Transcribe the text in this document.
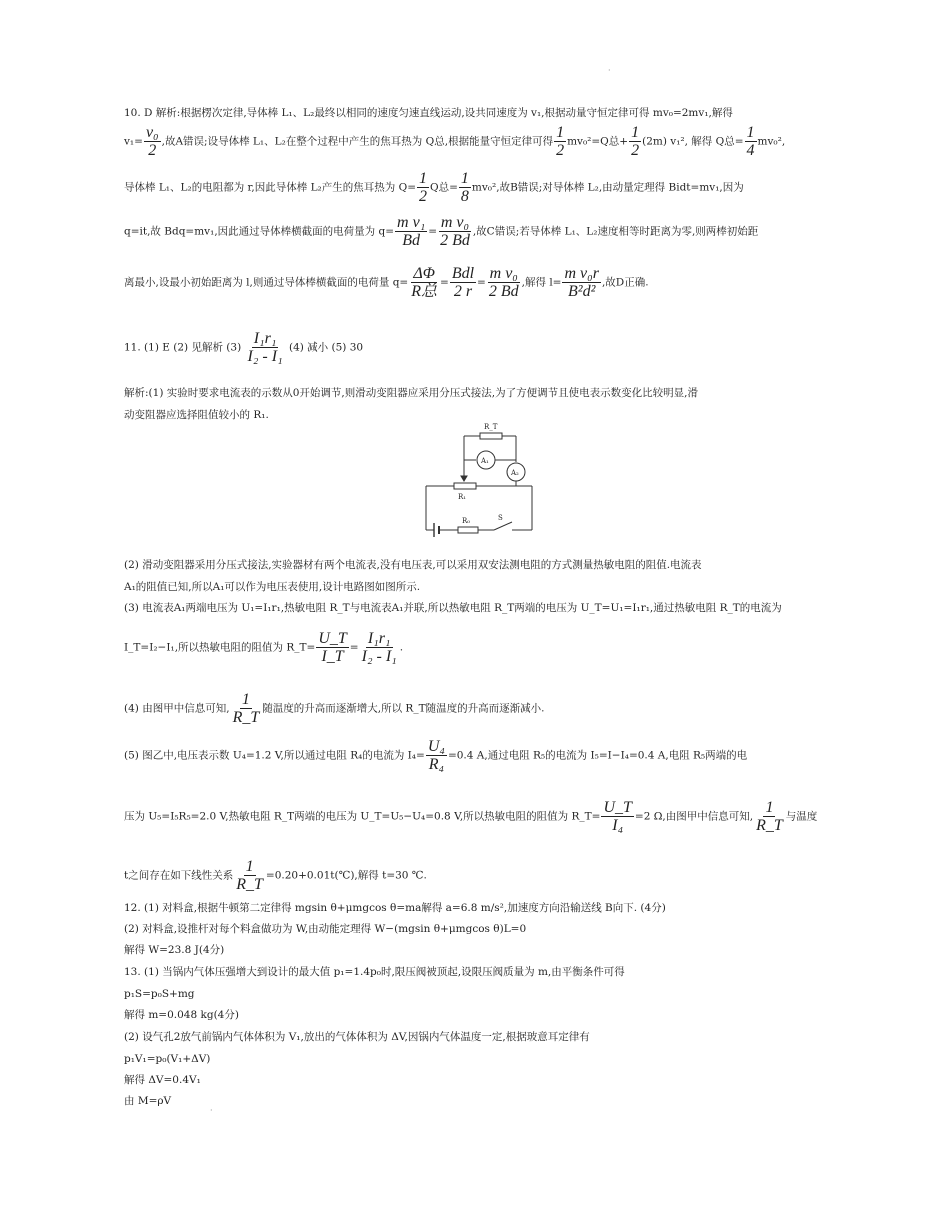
·
10. D 解析:根据楞次定律,导体棒 L₁、L₂最终以相同的速度匀速直线运动,设共同速度为 v₁,根据动量守恒定律可得 mv₀=2mv₁,解得
$v_1= \frac{\text{v₀}}{2}$ ,故A错误;设导体棒 L₁、L₂在整个过程中产生的焦耳热为 Q总,根据能量守恒定律可得 $\frac{1}{2} mv_0^2=Q$总+ $\frac{1}{2} (2m)$ v₁², 解得 Q总= $\frac{1}{4} mv_0^2$,
导体棒 L₁、L₂的电阻都为 r,因此导体棒 L₂产生的焦耳热为 $Q= \frac{1}{2}$ Q总= $\frac{1}{8} mv_0^2$,故B错误;对导体棒 L₂,由动量定理得 Bidt=mv₁,因为
q=it,故 Bdq=mv₁,因此通过导体棒横截面的电荷量为 $q= \frac{\text{m v₁}}{Bd} = \frac{\text{m v₀}}{2 Bd}$ ,故C错误;若导体棒 L₁、L₂速度相等时距离为零,则两棒初始距
离最小,设最小初始距离为 l,则通过导体棒横截面的电荷量 $q= \frac{\Delta\Phi}{\text{R总}} = \frac{\text{Bdl}}{2 r} = \frac{\text{m v₀}}{2 Bd}$ ,解得 $l= \frac{\text{m v₀r}}{\text{B²d²}}$ ,故D正确.
11. (1) E (2) 见解析 $(3) \frac{\text{I₁r₁}}{\text{I₂ - I₁}} (4)$ 减小 (5) 30
解析:(1) 实验时要求电流表的示数从0开始调节,则滑动变阻器应采用分压式接法,为了方便调节且使电表示数变化比较明显,滑
动变阻器应选择阻值较小的 R₁.
R_T
A₁
A₂
R₁
R₀	S
(2) 滑动变阻器采用分压式接法,实验器材有两个电流表,没有电压表,可以采用双安法测电阻的方式测量热敏电阻的阻值.电流表
A₁的阻值已知,所以A₁可以作为电压表使用,设计电路图如图所示.
(3) 电流表A₁两端电压为 U₁=I₁r₁,热敏电阻 R_T与电流表A₁并联,所以热敏电阻 R_T两端的电压为 U_T=U₁=I₁r₁,通过热敏电阻 R_T的电流为
I_T=I₂−I₁,所以热敏电阻的阻值为 R_T= $\frac{U\_T}{I\_T} = \frac{\text{I₁r₁}}{\text{I₂ - I₁}}$ .
(4) 由图甲中信息可知, $\frac{1}{R\_T}$ 随温度的升高而逐渐增大,所以 R_T随温度的升高而逐渐减小.
(5) 图乙中,电压表示数 U₄=1.2 V,所以通过电阻 R₄的电流为 $I_4= \frac{\text{U₄}}{\text{R₄}} =0.4$ A,通过电阻 R₅的电流为 I₅=I−I₄=0.4 A,电阻 R₅两端的电
压为 U₅=I₅R₅=2.0 V,热敏电阻 R_T两端的电压为 U_T=U₅−U₄=0.8 V,所以热敏电阻的阻值为 R_T= $\frac{U\_T}{\text{I₄}} =2$ Ω,由图甲中信息可知, $\frac{1}{R\_T}$ 与温度
t之间存在如下线性关系 $\frac{1}{R\_T}$ =0.20+0.01t(℃),解得 t=30 ℃.
12. (1) 对料盒,根据牛顿第二定律得 mgsin θ+μmgcos θ=ma解得 a=6.8 m/s²,加速度方向沿输送线 B向下. (4分)
(2) 对料盒,设推杆对每个料盒做功为 W,由动能定理得 W−(mgsin θ+μmgcos θ)L=0
解得 W=23.8 J(4分)
13. (1) 当锅内气体压强增大到设计的最大值 p₁=1.4p₀时,限压阀被顶起,设限压阀质量为 m,由平衡条件可得
p₁S=p₀S+mg
解得 m=0.048 kg(4分)
(2) 设气孔2放气前锅内气体体积为 V₁,放出的气体体积为 ΔV,因锅内气体温度一定,根据玻意耳定律有
p₁V₁=p₀(V₁+ΔV)
解得 ΔV=0.4V₁
由 M=ρV
·
